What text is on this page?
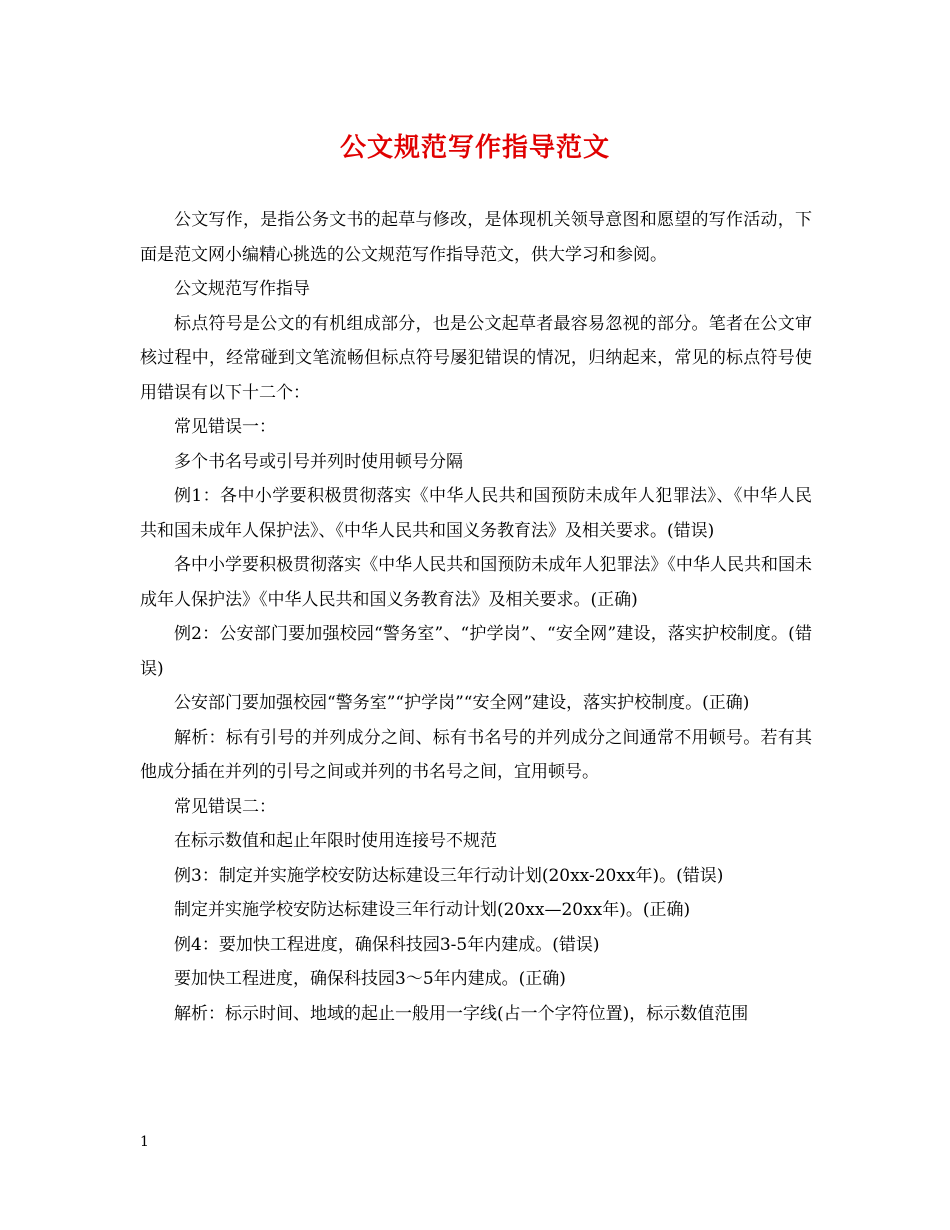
公文规范写作指导范文

公文写作，是指公务文书的起草与修改，是体现机关领导意图和愿望的写作活动，下面是范文网小编精心挑选的公文规范写作指导范文，供大学习和参阅。

公文规范写作指导

标点符号是公文的有机组成部分，也是公文起草者最容易忽视的部分。笔者在公文审核过程中，经常碰到文笔流畅但标点符号屡犯错误的情况，归纳起来，常见的标点符号使用错误有以下十二个：

常见错误一：

多个书名号或引号并列时使用顿号分隔

例1：各中小学要积极贯彻落实《中华人民共和国预防未成年人犯罪法》、《中华人民共和国未成年人保护法》、《中华人民共和国义务教育法》及相关要求。(错误)

各中小学要积极贯彻落实《中华人民共和国预防未成年人犯罪法》《中华人民共和国未成年人保护法》《中华人民共和国义务教育法》及相关要求。(正确)

例2：公安部门要加强校园“警务室”、“护学岗”、“安全网”建设，落实护校制度。(错误)

公安部门要加强校园“警务室”“护学岗”“安全网”建设，落实护校制度。(正确)

解析：标有引号的并列成分之间、标有书名号的并列成分之间通常不用顿号。若有其他成分插在并列的引号之间或并列的书名号之间，宜用顿号。

常见错误二：

在标示数值和起止年限时使用连接号不规范

例3：制定并实施学校安防达标建设三年行动计划(20xx-20xx年)。(错误)

制定并实施学校安防达标建设三年行动计划(20xx—20xx年)。(正确)

例4：要加快工程进度，确保科技园3-5年内建成。(错误)

要加快工程进度，确保科技园3～5年内建成。(正确)

解析：标示时间、地域的起止一般用一字线(占一个字符位置)，标示数值范围

1
